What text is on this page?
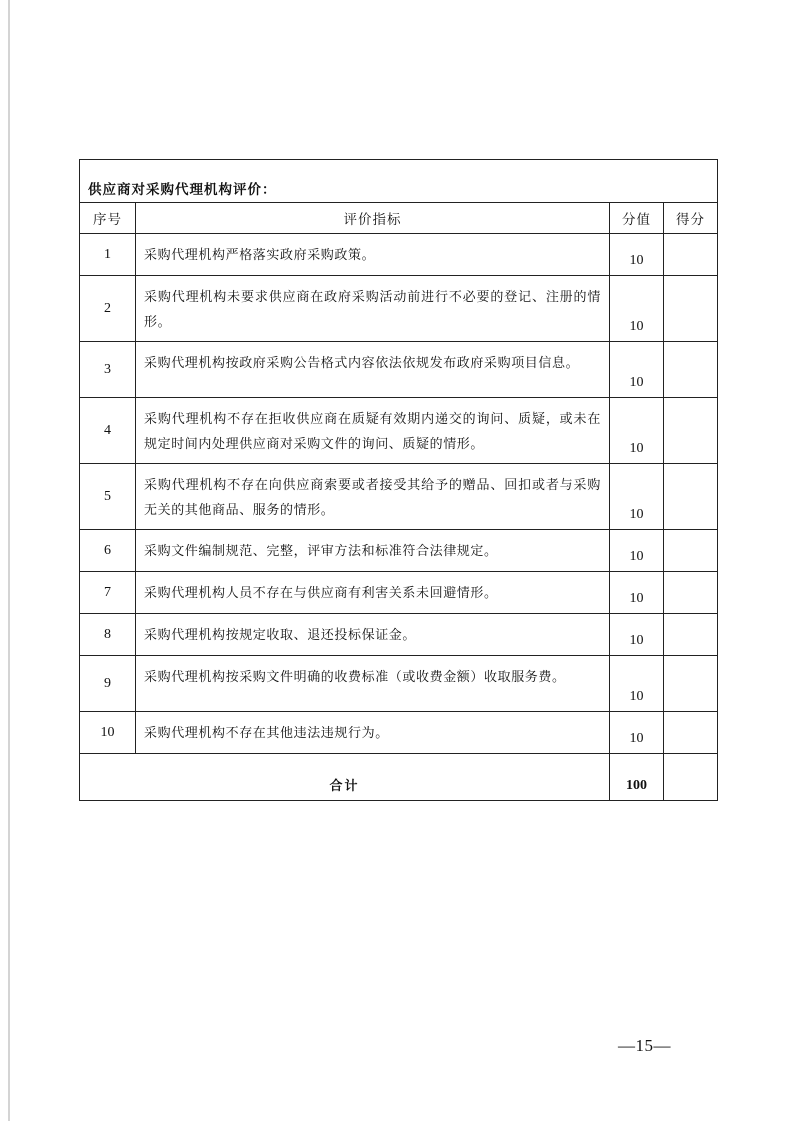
供应商对采购代理机构评价：			
序号	评价指标	分值	得分
1	采购代理机构严格落实政府采购政策。	10	
2	采购代理机构未要求供应商在政府采购活动前进行不必要的登记、注册的情形。	10	
3	采购代理机构按政府采购公告格式内容依法依规发布政府采购项目信息。	10	
4	采购代理机构不存在拒收供应商在质疑有效期内递交的询问、质疑，或未在规定时间内处理供应商对采购文件的询问、质疑的情形。	10	
5	采购代理机构不存在向供应商索要或者接受其给予的赠品、回扣或者与采购无关的其他商品、服务的情形。	10	
6	采购文件编制规范、完整，评审方法和标准符合法律规定。	10	
7	采购代理机构人员不存在与供应商有利害关系未回避情形。	10	
8	采购代理机构按规定收取、退还投标保证金。	10	
9	采购代理机构按采购文件明确的收费标准（或收费金额）收取服务费。	10	
10	采购代理机构不存在其他违法违规行为。	10	
合计		100	
—15—
